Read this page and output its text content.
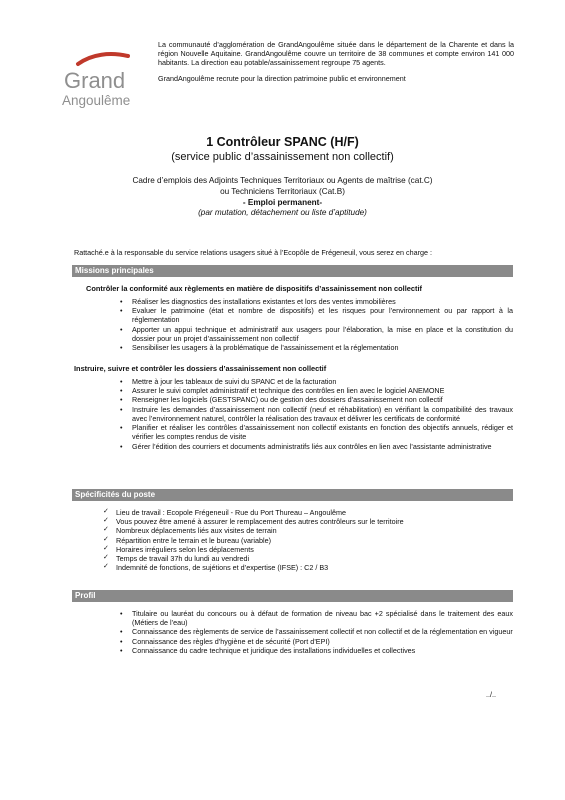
Grand
Angoulême

La communauté d’agglomération de GrandAngoulême située dans le département de la Charente et dans la région Nouvelle Aquitaine. GrandAngoulême couvre un territoire de 38 communes et compte environ 141 000 habitants. La direction eau potable/assainissement regroupe 75 agents.

GrandAngoulême recrute pour la direction patrimoine public et environnement

1 Contrôleur SPANC (H/F)
(service public d’assainissement non collectif)
Cadre d’emplois des Adjoints Techniques Territoriaux ou Agents de maîtrise (cat.C)
ou Techniciens Territoriaux (Cat.B)
- Emploi permanent-
(par mutation, détachement ou liste d’aptitude)
Rattaché.e à la responsable du service relations usagers situé à l’Ecopôle de Frégeneuil, vous serez en charge :
Missions principales
Contrôler la conformité aux règlements en matière de dispositifs d’assainissement non collectif
• Réaliser les diagnostics des installations existantes et lors des ventes immobilières
• Evaluer le patrimoine (état et nombre de dispositifs) et les risques pour l’environnement ou par rapport à la réglementation
• Apporter un appui technique et administratif aux usagers pour l’élaboration, la mise en place et la constitution du dossier pour un projet d’assainissement non collectif
• Sensibiliser les usagers à la problématique de l’assainissement et la réglementation
Instruire, suivre et contrôler les dossiers d’assainissement non collectif
• Mettre à jour les tableaux de suivi du SPANC et de la facturation
• Assurer le suivi complet administratif et technique des contrôles en lien avec le logiciel ANEMONE
• Renseigner les logiciels (GESTSPANC) ou de gestion des dossiers d’assainissement non collectif
• Instruire les demandes d’assainissement non collectif (neuf et réhabilitation) en vérifiant la compatibilité des travaux avec l’environnement naturel, contrôler la réalisation des travaux et délivrer les certificats de conformité
• Planifier et réaliser les contrôles d’assainissement non collectif existants en fonction des objectifs annuels, rédiger et vérifier les comptes rendus de visite
• Gérer l’édition des courriers et documents administratifs liés aux contrôles en lien avec l’assistante administrative
Spécificités du poste
✓ Lieu de travail : Ecopole Frégeneuil - Rue du Port Thureau – Angoulême
✓ Vous pouvez être amené à assurer le remplacement des autres contrôleurs sur le territoire
✓ Nombreux déplacements liés aux visites de terrain
✓ Répartition entre le terrain et le bureau (variable)
✓ Horaires irréguliers selon les déplacements
✓ Temps de travail 37h du lundi au vendredi
✓ Indemnité de fonctions, de sujétions et d’expertise (IFSE) : C2 / B3
Profil
• Titulaire ou lauréat du concours ou à défaut de formation de niveau bac +2 spécialisé dans le traitement des eaux (Métiers de l’eau)
• Connaissance des règlements de service de l’assainissement collectif et non collectif et de la réglementation en vigueur
• Connaissance des règles d’hygiène et de sécurité (Port d’EPI)
• Connaissance du cadre technique et juridique des installations individuelles et collectives
../..
